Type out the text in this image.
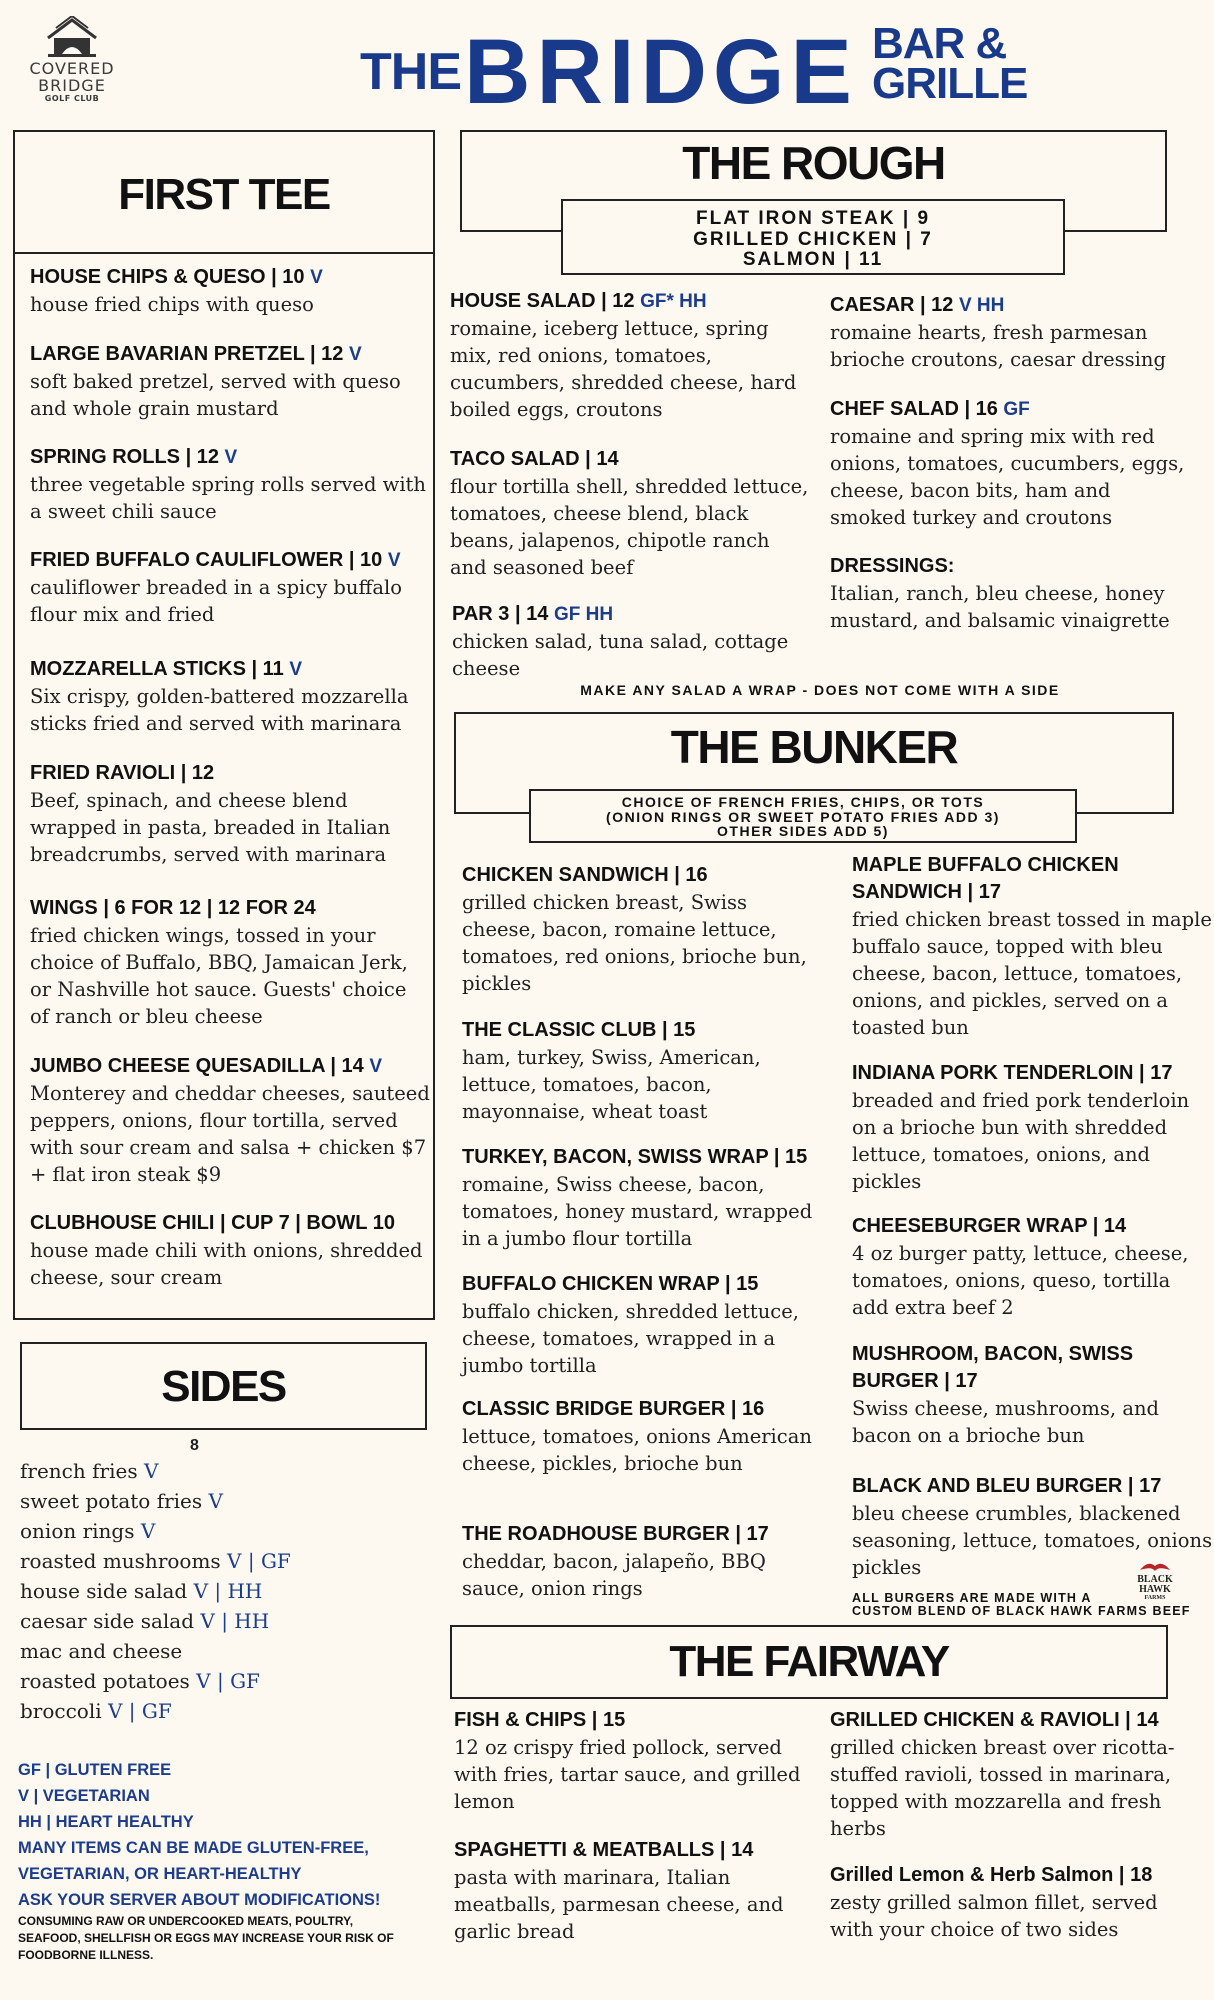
COVERED
BRIDGE
GOLF CLUB	THE BRIDGE BAR &
GRILLE
FIRST TEE
HOUSE CHIPS & QUESO | 10 V
house fried chips with queso
LARGE BAVARIAN PRETZEL | 12 V
soft baked pretzel, served with queso and whole grain mustard
SPRING ROLLS | 12 V
three vegetable spring rolls served with a sweet chili sauce
FRIED BUFFALO CAULIFLOWER | 10 V
cauliflower breaded in a spicy buffalo flour mix and fried
MOZZARELLA STICKS | 11 V
Six crispy, golden-battered mozzarella sticks fried and served with marinara
FRIED RAVIOLI | 12
Beef, spinach, and cheese blend wrapped in pasta, breaded in Italian breadcrumbs, served with marinara
WINGS | 6 FOR 12 | 12 FOR 24
fried chicken wings, tossed in your choice of Buffalo, BBQ, Jamaican Jerk, or Nashville hot sauce. Guests' choice of ranch or bleu cheese
JUMBO CHEESE QUESADILLA | 14 V
Monterey and cheddar cheeses, sauteed peppers, onions, flour tortilla, served with sour cream and salsa + chicken $7 + flat iron steak $9
CLUBHOUSE CHILI | CUP 7 | BOWL 10
house made chili with onions, shredded cheese, sour cream
SIDES
8
french fries V
sweet potato fries V
onion rings V
roasted mushrooms V | GF
house side salad V | HH
caesar side salad V | HH
mac and cheese
roasted potatoes V | GF
broccoli V | GF
GF | GLUTEN FREE
V | VEGETARIAN
HH | HEART HEALTHY
MANY ITEMS CAN BE MADE GLUTEN-FREE,
VEGETARIAN, OR HEART-HEALTHY
ASK YOUR SERVER ABOUT MODIFICATIONS!
CONSUMING RAW OR UNDERCOOKED MEATS, POULTRY,
SEAFOOD, SHELLFISH OR EGGS MAY INCREASE YOUR RISK OF
FOODBORNE ILLNESS.
THE ROUGH
FLAT IRON STEAK | 9
GRILLED CHICKEN | 7
SALMON | 11
HOUSE SALAD | 12 GF* HH
romaine, iceberg lettuce, spring mix, red onions, tomatoes, cucumbers, shredded cheese, hard boiled eggs, croutons
TACO SALAD | 14
flour tortilla shell, shredded lettuce, tomatoes, cheese blend, black beans, jalapenos, chipotle ranch and seasoned beef
PAR 3 | 14 GF HH
chicken salad, tuna salad, cottage cheese
CAESAR | 12 V HH
romaine hearts, fresh parmesan brioche croutons, caesar dressing
CHEF SALAD | 16 GF
romaine and spring mix with red onions, tomatoes, cucumbers, eggs, cheese, bacon bits, ham and smoked turkey and croutons
DRESSINGS:
Italian, ranch, bleu cheese, honey mustard, and balsamic vinaigrette
MAKE ANY SALAD A WRAP - DOES NOT COME WITH A SIDE
THE BUNKER
CHOICE OF FRENCH FRIES, CHIPS, OR TOTS
(ONION RINGS OR SWEET POTATO FRIES ADD 3)
OTHER SIDES ADD 5)
CHICKEN SANDWICH | 16
grilled chicken breast, Swiss cheese, bacon, romaine lettuce, tomatoes, red onions, brioche bun, pickles
THE CLASSIC CLUB | 15
ham, turkey, Swiss, American, lettuce, tomatoes, bacon, mayonnaise, wheat toast
TURKEY, BACON, SWISS WRAP | 15
romaine, Swiss cheese, bacon, tomatoes, honey mustard, wrapped in a jumbo flour tortilla
BUFFALO CHICKEN WRAP | 15
buffalo chicken, shredded lettuce, cheese, tomatoes, wrapped in a jumbo tortilla
CLASSIC BRIDGE BURGER | 16
lettuce, tomatoes, onions American cheese, pickles, brioche bun
THE ROADHOUSE BURGER | 17
cheddar, bacon, jalapeño, BBQ sauce, onion rings
MAPLE BUFFALO CHICKEN SANDWICH | 17
fried chicken breast tossed in maple buffalo sauce, topped with bleu cheese, bacon, lettuce, tomatoes, onions, and pickles, served on a toasted bun
INDIANA PORK TENDERLOIN | 17
breaded and fried pork tenderloin on a brioche bun with shredded lettuce, tomatoes, onions, and pickles
CHEESEBURGER WRAP | 14
4 oz burger patty, lettuce, cheese, tomatoes, onions, queso, tortilla add extra beef 2
MUSHROOM, BACON, SWISS BURGER | 17
Swiss cheese, mushrooms, and bacon on a brioche bun
BLACK AND BLEU BURGER | 17
bleu cheese crumbles, blackened seasoning, lettuce, tomatoes, onions pickles
ALL BURGERS ARE MADE WITH A
CUSTOM BLEND OF BLACK HAWK FARMS BEEF
BLACK
HAWK
FARMS
THE FAIRWAY
FISH & CHIPS | 15
12 oz crispy fried pollock, served with fries, tartar sauce, and grilled lemon
SPAGHETTI & MEATBALLS | 14
pasta with marinara, Italian meatballs, parmesan cheese, and garlic bread
GRILLED CHICKEN & RAVIOLI | 14
grilled chicken breast over ricotta-stuffed ravioli, tossed in marinara, topped with mozzarella and fresh herbs
Grilled Lemon & Herb Salmon | 18
zesty grilled salmon fillet, served with your choice of two sides
